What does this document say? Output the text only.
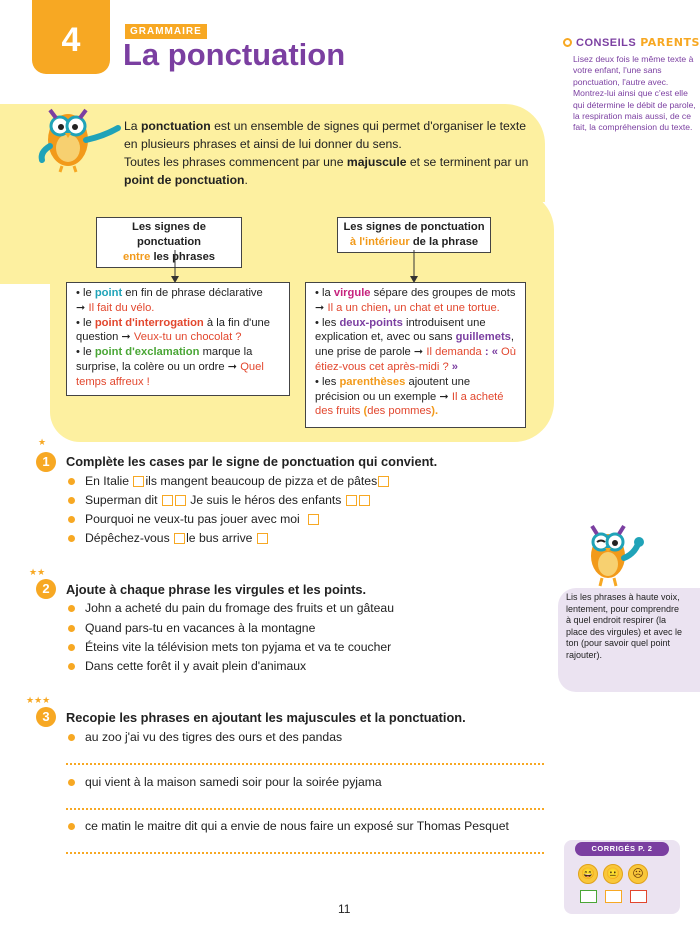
4	GRAMMAIRE
La ponctuation	CONSEILS PARENTS
Lisez deux fois le même texte à votre enfant, l'une sans ponctuation, l'autre avec. Montrez-lui ainsi que c'est elle qui détermine le débit de parole, la respiration mais aussi, de ce fait, la compréhension du texte.
La ponctuation est un ensemble de signes qui permet d'organiser le texte en plusieurs phrases et ainsi de lui donner du sens.
Toutes les phrases commencent par une majuscule et se terminent par un point de ponctuation.
Les signes de ponctuation
entre les phrases
Les signes de ponctuation
à l'intérieur de la phrase
• le point en fin de phrase déclarative
➞ Il fait du vélo.
• le point d'interrogation à la fin d'une question ➞ Veux-tu un chocolat ?
• le point d'exclamation marque la surprise, la colère ou un ordre ➞ Quel temps affreux !
• la virgule sépare des groupes de mots ➞ Il a un chien, un chat et une tortue.
• les deux-points introduisent une explication et, avec ou sans guillemets, une prise de parole ➞ Il demanda : « Où étiez-vous cet après-midi ? »
• les parenthèses ajoutent une précision ou un exemple ➞ Il a acheté des fruits (des pommes).
★
1	Complète les cases par le signe de ponctuation qui convient.
En Italie
ils mangent beaucoup de pizza et de pâtes
Superman dit

	Je suis le héros des enfants

Pourquoi ne veux-tu pas jouer avec moi

Dépêchez-vous
le bus arrive

★★
2	Ajoute à chaque phrase les virgules et les points.
John a acheté du pain du fromage des fruits et un gâteau
Quand pars-tu en vacances à la montagne
Éteins vite la télévision mets ton pyjama et va te coucher
Dans cette forêt il y avait plein d'animaux
★★★
3	Recopie les phrases en ajoutant les majuscules et la ponctuation.
au zoo j'ai vu des tigres des ours et des pandas
qui vient à la maison samedi soir pour la soirée pyjama
ce matin le maitre dit qui a envie de nous faire un exposé sur Thomas Pesquet
Lis les phrases à haute voix, lentement, pour comprendre à quel endroit respirer (la place des virgules) et avec le ton (pour savoir quel point rajouter).
CORRIGÉS P. 2
😄 😐	☹
11
